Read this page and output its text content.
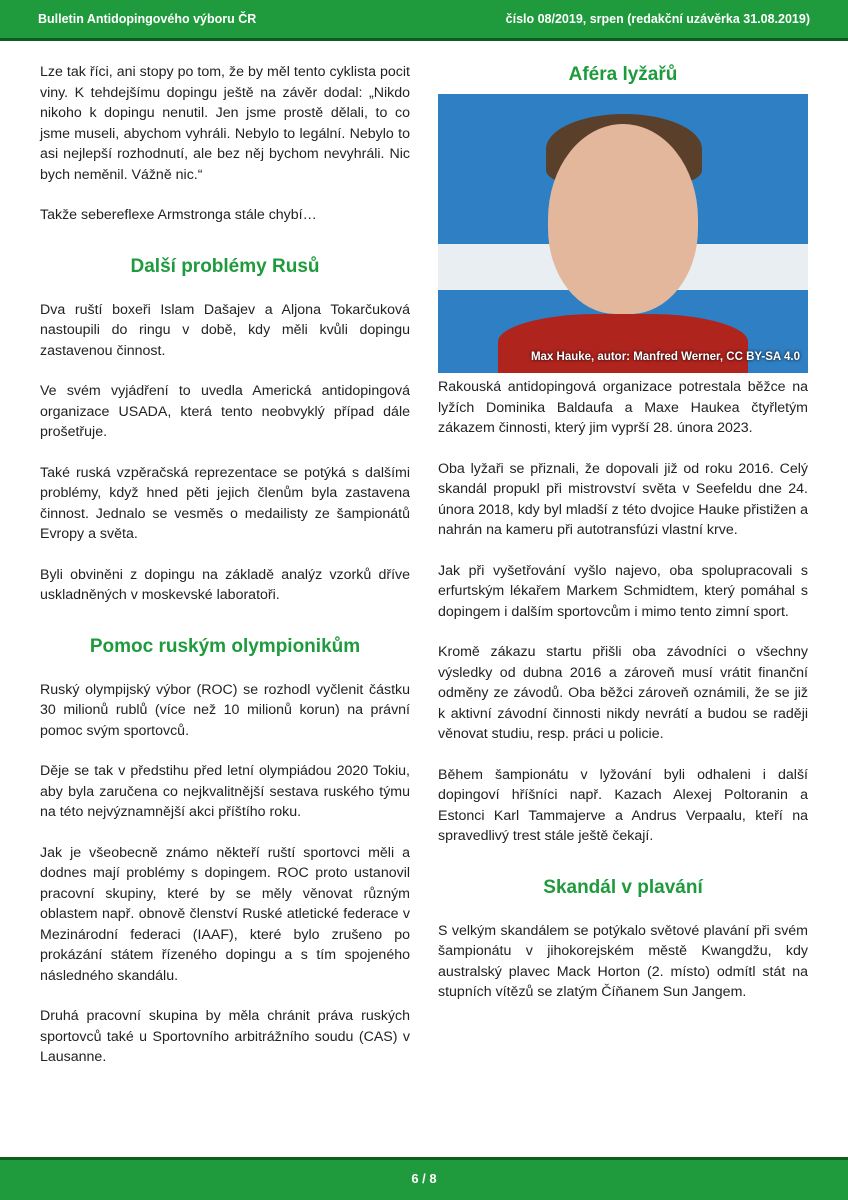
Bulletin Antidopingového výboru ČR	číslo 08/2019, srpen (redakční uzávěrka 31.08.2019)

Lze tak říci, ani stopy po tom, že by měl tento cyklista pocit viny. K tehdejšímu dopingu ještě na závěr dodal: „Nikdo nikoho k dopingu nenutil. Jen jsme prostě dělali, to co jsme museli, abychom vyhráli. Nebylo to legální. Nebylo to asi nejlepší rozhodnutí, ale bez něj bychom nevyhráli. Nic bych neměnil. Vážně nic.“

Takže sebereflexe Armstronga stále chybí…

Další problémy Rusů

Dva ruští boxeři Islam Dašajev a Aljona Tokarčuková nastoupili do ringu v době, kdy měli kvůli dopingu zastavenou činnost.

Ve svém vyjádření to uvedla Americká antidopingová organizace USADA, která tento neobvyklý případ dále prošetřuje.

Také ruská vzpěračská reprezentace se potýká s dalšími problémy, když hned pěti jejich členům byla zastavena činnost. Jednalo se vesměs o medailisty ze šampionátů Evropy a světa.

Byli obviněni z dopingu na základě analýz vzorků dříve uskladněných v moskevské laboratoři.

Pomoc ruským olympionikům

Ruský olympijský výbor (ROC) se rozhodl vyčlenit částku 30 milionů rublů (více než 10 milionů korun) na právní pomoc svým sportovců.

Děje se tak v předstihu před letní olympiádou 2020 Tokiu, aby byla zaručena co nejkvalitnější sestava ruského týmu na této nejvýznamnější akci příštího roku.

Jak je všeobecně známo někteří ruští sportovci měli a dodnes mají problémy s dopingem. ROC proto ustanovil pracovní skupiny, které by se měly věnovat různým oblastem např. obnově členství Ruské atletické federace v Mezinárodní federaci (IAAF), které bylo zrušeno po prokázání státem řízeného dopingu a s tím spojeného následného skandálu.

Druhá pracovní skupina by měla chránit práva ruských sportovců také u Sportovního arbitrážního soudu (CAS) v Lausanne.

Aféra lyžařů
Max Hauke, autor: Manfred Werner, CC BY-SA 4.0

Rakouská antidopingová organizace potrestala běžce na lyžích Dominika Baldaufa a Maxe Haukea čtyřletým zákazem činnosti, který jim vyprší 28. února 2023.

Oba lyžaři se přiznali, že dopovali již od roku 2016. Celý skandál propukl při mistrovství světa v Seefeldu dne 24. února 2018, kdy byl mladší z této dvojice Hauke přistižen a nahrán na kameru při autotransfúzi vlastní krve.

Jak při vyšetřování vyšlo najevo, oba spolupracovali s erfurtským lékařem Markem Schmidtem, který pomáhal s dopingem i dalším sportovcům i mimo tento zimní sport.

Kromě zákazu startu přišli oba závodníci o všechny výsledky od dubna 2016 a zároveň musí vrátit finanční odměny ze závodů. Oba běžci zároveň oznámili, že se již k aktivní závodní činnosti nikdy nevrátí a budou se raději věnovat studiu, resp. práci u policie.

Během šampionátu v lyžování byli odhaleni i další dopingoví hříšníci např. Kazach Alexej Poltoranin a Estonci Karl Tammajerve a Andrus Verpaalu, kteří na spravedlivý trest stále ještě čekají.

Skandál v plavání

S velkým skandálem se potýkalo světové plavání při svém šampionátu v jihokorejském městě Kwangdžu, kdy australský plavec Mack Horton (2. místo) odmítl stát na stupních vítězů se zlatým Číňanem Sun Jangem.

6 / 8
